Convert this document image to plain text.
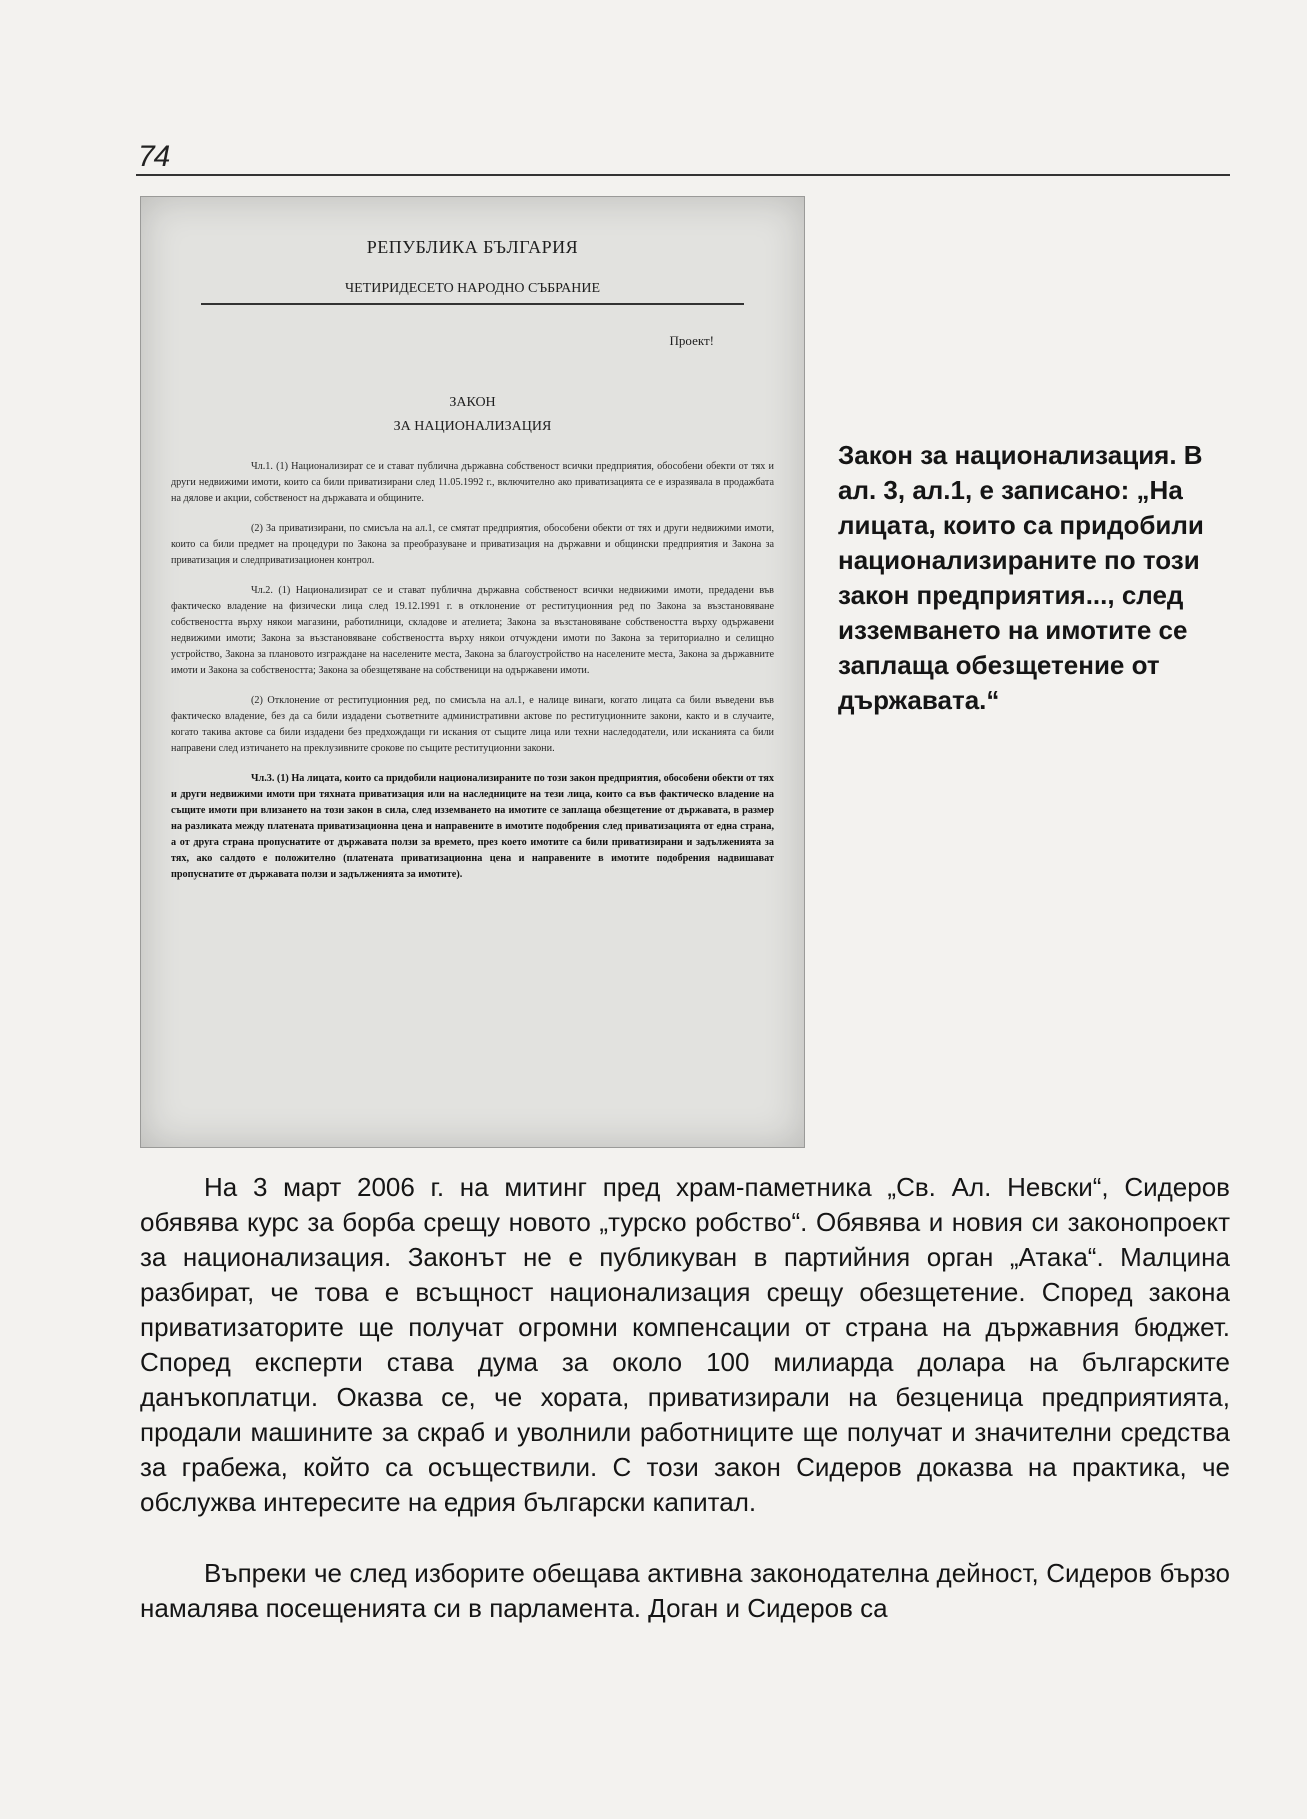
74
РЕПУБЛИКА БЪЛГАРИЯ
ЧЕТИРИДЕСЕТО НАРОДНО СЪБРАНИЕ
Проект!
ЗАКОН
ЗА НАЦИОНАЛИЗАЦИЯ

Чл.1. (1) Национализират се и стават публична държавна собственост всички предприятия, обособени обекти от тях и други недвижими имоти, които са били приватизирани след 11.05.1992 г., включително ако приватизацията се е изразявала в продажбата на дялове и акции, собственост на държавата и общините.

(2) За приватизирани, по смисъла на ал.1, се смятат предприятия, обособени обекти от тях и други недвижими имоти, които са били предмет на процедури по Закона за преобразуване и приватизация на държавни и общински предприятия и Закона за приватизация и следприватизационен контрол.

Чл.2. (1) Национализират се и стават публична държавна собственост всички недвижими имоти, предадени във фактическо владение на физически лица след 19.12.1991 г. в отклонение от реституционния ред по Закона за възстановяване собствеността върху някои магазини, работилници, складове и ателиета; Закона за възстановяване собствеността върху одържавени недвижими имоти; Закона за възстановяване собствеността върху някои отчуждени имоти по Закона за териториално и селищно устройство, Закона за плановото изграждане на населените места, Закона за благоустройство на населените места, Закона за държавните имоти и Закона за собствеността; Закона за обезщетяване на собственици на одържавени имоти.

(2) Отклонение от реституционния ред, по смисъла на ал.1, е налице винаги, когато лицата са били въведени във фактическо владение, без да са били издадени съответните административни актове по реституционните закони, както и в случаите, когато такива актове са били издадени без предхождащи ги искания от същите лица или техни наследодатели, или исканията са били направени след изтичането на преклузивните срокове по същите реституционни закони.

Чл.3. (1) На лицата, които са придобили национализираните по този закон предприятия, обособени обекти от тях и други недвижими имоти при тяхната приватизация или на наследниците на тези лица, които са във фактическо владение на същите имоти при влизането на този закон в сила, след изземването на имотите се заплаща обезщетение от държавата, в размер на разликата между платената приватизационна цена и направените в имотите подобрения след приватизацията от една страна, а от друга страна пропуснатите от държавата ползи за времето, през което имотите са били приватизирани и задължениятa за тях, ако салдото е положително (платената приватизационна цена и направените в имотите подобрения надвишават пропуснатите от държавата ползи и задълженията за имотите).

Закон за национализация. В ал. 3, ал.1, е записано: „На лицата, които са придобили национализираните по този закон предприятия..., след изземването на имотите се заплаща обезщетение от държавата.“

На 3 март 2006 г. на митинг пред храм-паметника „Св. Ал. Невски“, Сидеров обявява курс за борба срещу новото „турско робство“. Обявява и новия си законопроект за национализация. Законът не е публикуван в партийния орган „Атака“. Малцина разбират, че това е всъщност национализация срещу обезщетение. Според закона приватизаторите ще получат огромни компенсации от страна на държавния бюджет. Според експерти става дума за около 100 милиарда долара на българските данъкоплатци. Оказва се, че хората, приватизирали на безценица предприятията, продали машините за скраб и уволнили работниците ще получат и значителни средства за грабежа, който са осъществили. С този закон Сидеров доказва на практика, че обслужва интересите на едрия български капитал.

Въпреки че след изборите обещава активна законодателна дейност, Сидеров бързо намалява посещенията си в парламента. Доган и Сидеров са
